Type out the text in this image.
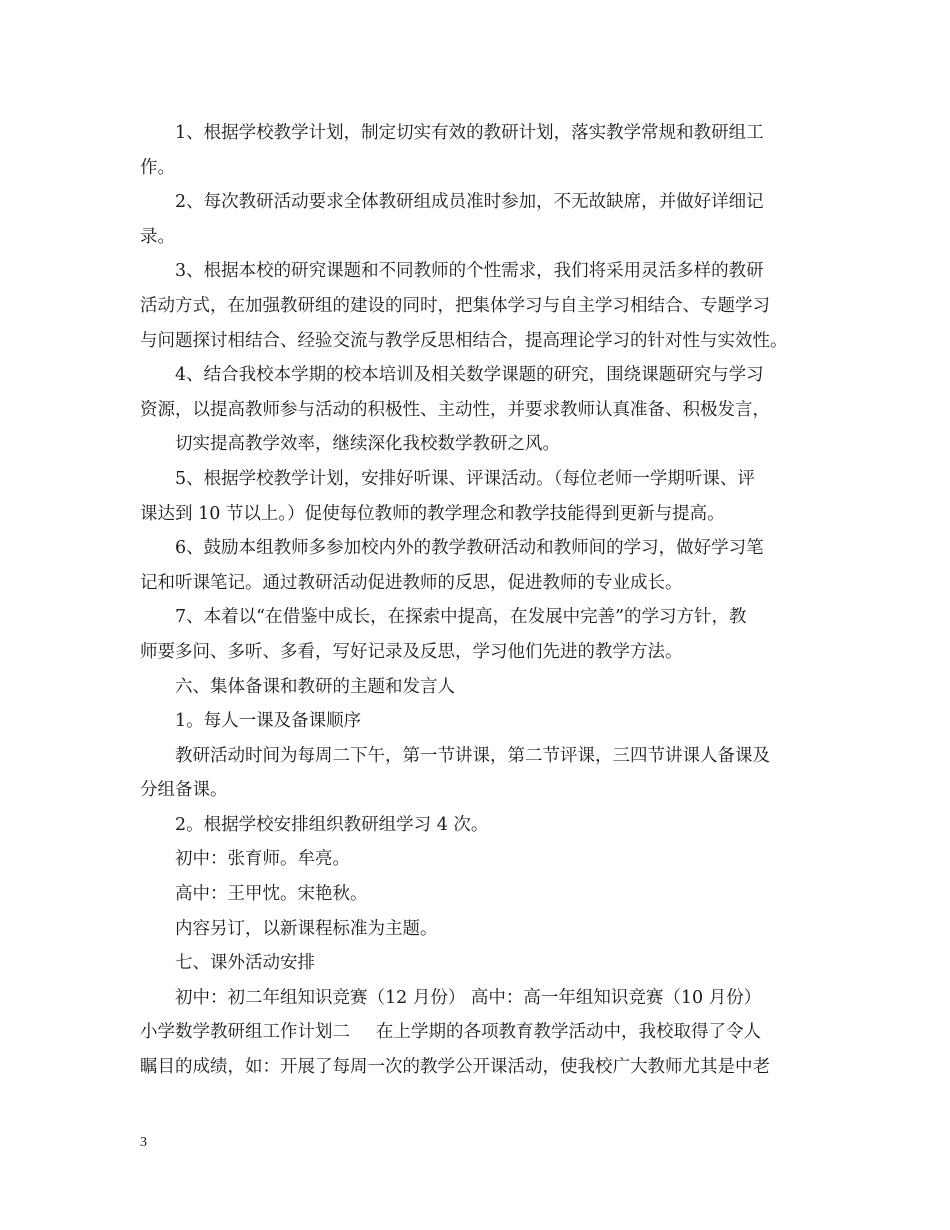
1、根据学校教学计划，制定切实有效的教研计划，落实教学常规和教研组工
作。
2、每次教研活动要求全体教研组成员准时参加，不无故缺席，并做好详细记
录。
3、根据本校的研究课题和不同教师的个性需求，我们将采用灵活多样的教研
活动方式，在加强教研组的建设的同时，把集体学习与自主学习相结合、专题学习
与问题探讨相结合、经验交流与教学反思相结合，提高理论学习的针对性与实效性。
4、结合我校本学期的校本培训及相关数学课题的研究，围绕课题研究与学习
资源，以提高教师参与活动的积极性、主动性，并要求教师认真准备、积极发言，
切实提高教学效率，继续深化我校数学教研之风。
5、根据学校教学计划，安排好听课、评课活动。（每位老师一学期听课、评
课达到 10 节以上。）促使每位教师的教学理念和教学技能得到更新与提高。
6、鼓励本组教师多参加校内外的教学教研活动和教师间的学习，做好学习笔
记和听课笔记。通过教研活动促进教师的反思，促进教师的专业成长。
7、本着以“在借鉴中成长，在探索中提高，在发展中完善”的学习方针，教
师要多问、多听、多看，写好记录及反思，学习他们先进的教学方法。
六、集体备课和教研的主题和发言人
1。每人一课及备课顺序
教研活动时间为每周二下午，第一节讲课，第二节评课，三四节讲课人备课及
分组备课。
2。根据学校安排组织教研组学习 4 次。
初中：张育师。牟亮。
高中：王甲忱。宋艳秋。
内容另订，以新课程标准为主题。
七、课外活动安排
初中：初二年组知识竞赛（12 月份） 高中：高一年组知识竞赛（10 月份）
小学数学教研组工作计划二 在上学期的各项教育教学活动中，我校取得了令人
瞩目的成绩，如：开展了每周一次的教学公开课活动，使我校广大教师尤其是中老
3
